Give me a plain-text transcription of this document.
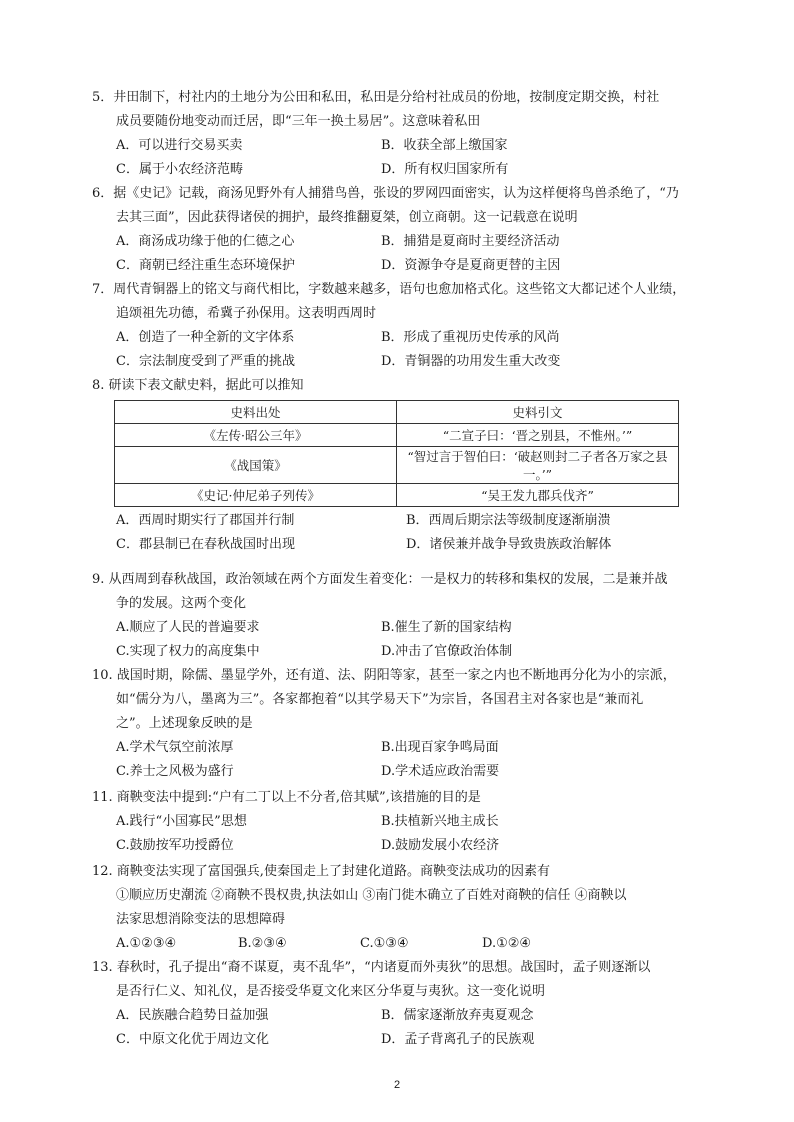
5．井田制下，村社内的土地分为公田和私田，私田是分给村社成员的份地，按制度定期交换，村社

成员要随份地变动而迁居，即“三年一换土易居”。这意味着私田

A．可以进行交易买卖	B．收获全部上缴国家
C．属于小农经济范畴	D．所有权归国家所有

6．据《史记》记载，商汤见野外有人捕猎鸟兽，张设的罗网四面密实，认为这样便将鸟兽杀绝了，“乃

去其三面”，因此获得诸侯的拥护，最终推翻夏桀，创立商朝。这一记载意在说明

A．商汤成功缘于他的仁德之心	B．捕猎是夏商时主要经济活动
C．商朝已经注重生态环境保护	D．资源争夺是夏商更替的主因

7．周代青铜器上的铭文与商代相比，字数越来越多，语句也愈加格式化。这些铭文大都记述个人业绩，

追颂祖先功德，希冀子孙保用。这表明西周时

A．创造了一种全新的文字体系	B．形成了重视历史传承的风尚
C．宗法制度受到了严重的挑战	D．青铜器的功用发生重大改变

8. 研读下表文献史料，据此可以推知

史料出处	史料引文
《左传·昭公三年》	“二宣子曰：‘晋之别县，不惟州。’”
《战国策》	“智过言于智伯曰：‘破赵则封二子者各万家之县一。’”
《史记·仲尼弟子列传》	“吴王发九郡兵伐齐”
A．西周时期实行了郡国并行制	B．西周后期宗法等级制度逐渐崩溃
C．郡县制已在春秋战国时出现	D．诸侯兼并战争导致贵族政治解体

9. 从西周到春秋战国，政治领域在两个方面发生着变化：一是权力的转移和集权的发展，二是兼并战

争的发展。这两个变化

A.顺应了人民的普遍要求	B.催生了新的国家结构
C.实现了权力的高度集中	D.冲击了官僚政治体制

10. 战国时期，除儒、墨显学外，还有道、法、阴阳等家，甚至一家之内也不断地再分化为小的宗派，

如“儒分为八，墨离为三”。各家都抱着“以其学易天下”为宗旨，各国君主对各家也是“兼而礼

之”。上述现象反映的是

A.学术气氛空前浓厚	B.出现百家争鸣局面
C.养士之风极为盛行	D.学术适应政治需要

11. 商鞅变法中提到:“户有二丁以上不分者,倍其赋”,该措施的目的是

A.践行“小国寡民”思想	B.扶植新兴地主成长
C.鼓励按军功授爵位	D.鼓励发展小农经济

12. 商鞅变法实现了富国强兵,使秦国走上了封建化道路。商鞅变法成功的因素有

①顺应历史潮流 ②商鞅不畏权贵,执法如山 ③南门徙木确立了百姓对商鞅的信任 ④商鞅以

法家思想消除变法的思想障碍

A.①②③④	B.②③④	C.①③④	D.①②④

13. 春秋时，孔子提出“裔不谋夏，夷不乱华”，“内诸夏而外夷狄”的思想。战国时，孟子则逐渐以

是否行仁义、知礼仪，是否接受华夏文化来区分华夏与夷狄。这一变化说明

A．民族融合趋势日益加强	B．儒家逐渐放弃夷夏观念
C．中原文化优于周边文化	D．孟子背离孔子的民族观
2
